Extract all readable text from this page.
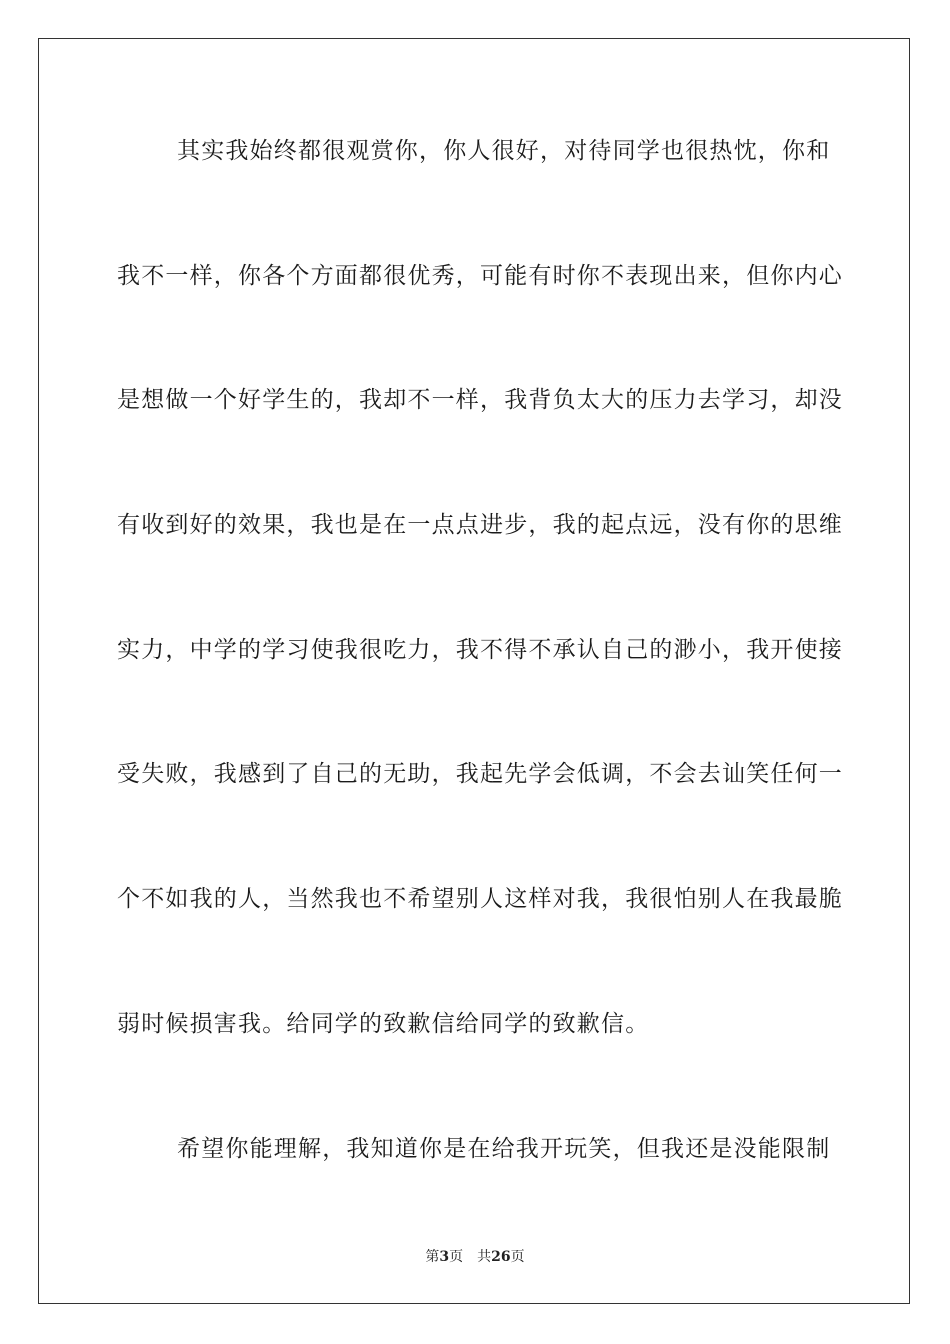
其实我始终都很观赏你，你人很好，对待同学也很热忱，你和
我不一样，你各个方面都很优秀，可能有时你不表现出来，但你内心
是想做一个好学生的，我却不一样，我背负太大的压力去学习，却没
有收到好的效果，我也是在一点点进步，我的起点远，没有你的思维
实力，中学的学习使我很吃力，我不得不承认自己的渺小，我开使接
受失败，我感到了自己的无助，我起先学会低调，不会去讪笑任何一
个不如我的人，当然我也不希望别人这样对我，我很怕别人在我最脆
弱时候损害我。给同学的致歉信给同学的致歉信。
希望你能理解，我知道你是在给我开玩笑，但我还是没能限制
第3页 共26页
